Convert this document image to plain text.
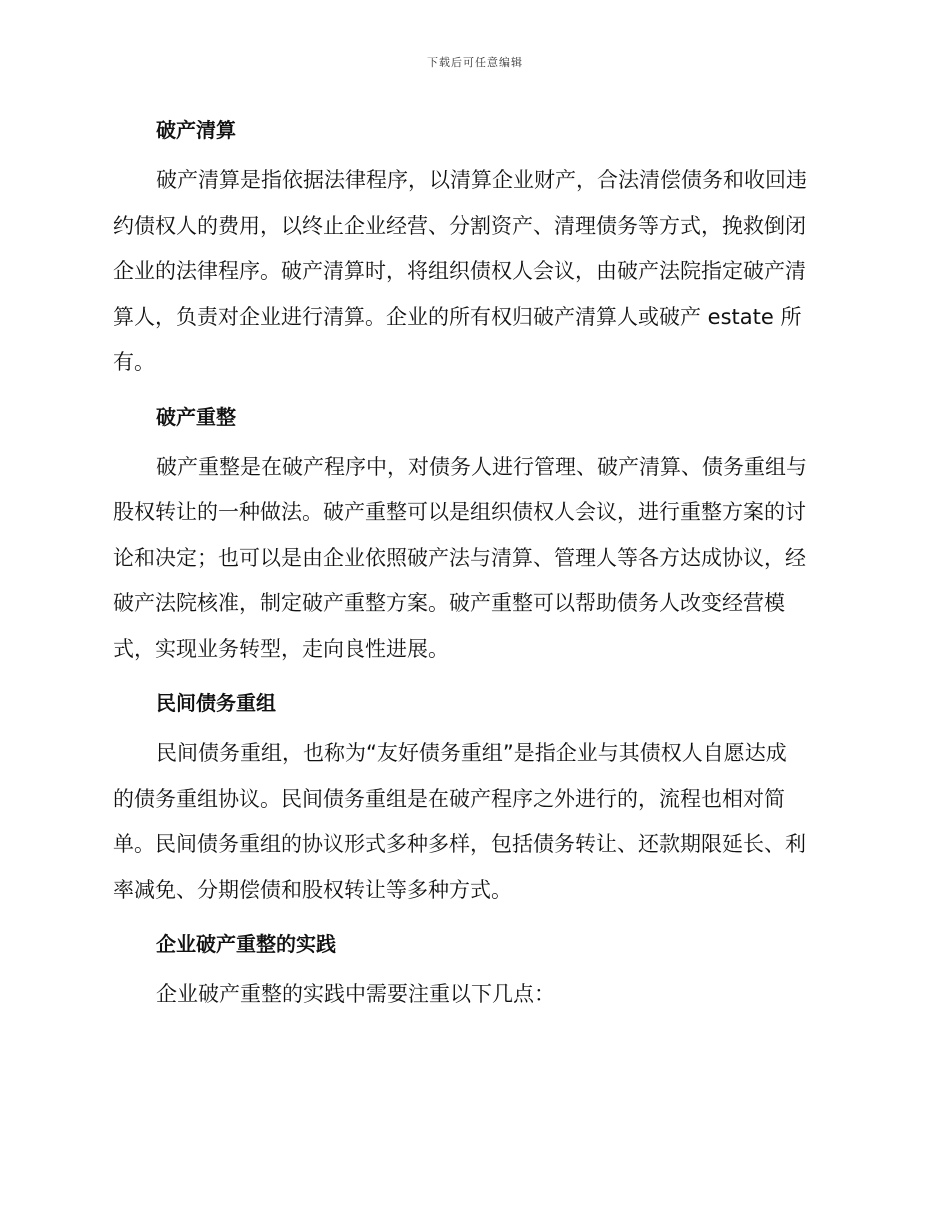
下载后可任意编辑
破产清算

破产清算是指依据法律程序，以清算企业财产，合法清偿债务和收回违
约债权人的费用，以终止企业经营、分割资产、清理债务等方式，挽救倒闭
企业的法律程序。破产清算时，将组织债权人会议，由破产法院指定破产清
算人，负责对企业进行清算。企业的所有权归破产清算人或破产 estate 所
有。

破产重整

破产重整是在破产程序中，对债务人进行管理、破产清算、债务重组与
股权转让的一种做法。破产重整可以是组织债权人会议，进行重整方案的讨
论和决定；也可以是由企业依照破产法与清算、管理人等各方达成协议，经
破产法院核准，制定破产重整方案。破产重整可以帮助债务人改变经营模
式，实现业务转型，走向良性进展。

民间债务重组

民间债务重组，也称为“友好债务重组”是指企业与其债权人自愿达成
的债务重组协议。民间债务重组是在破产程序之外进行的，流程也相对简
单。民间债务重组的协议形式多种多样，包括债务转让、还款期限延长、利
率减免、分期偿债和股权转让等多种方式。

企业破产重整的实践

企业破产重整的实践中需要注重以下几点：
